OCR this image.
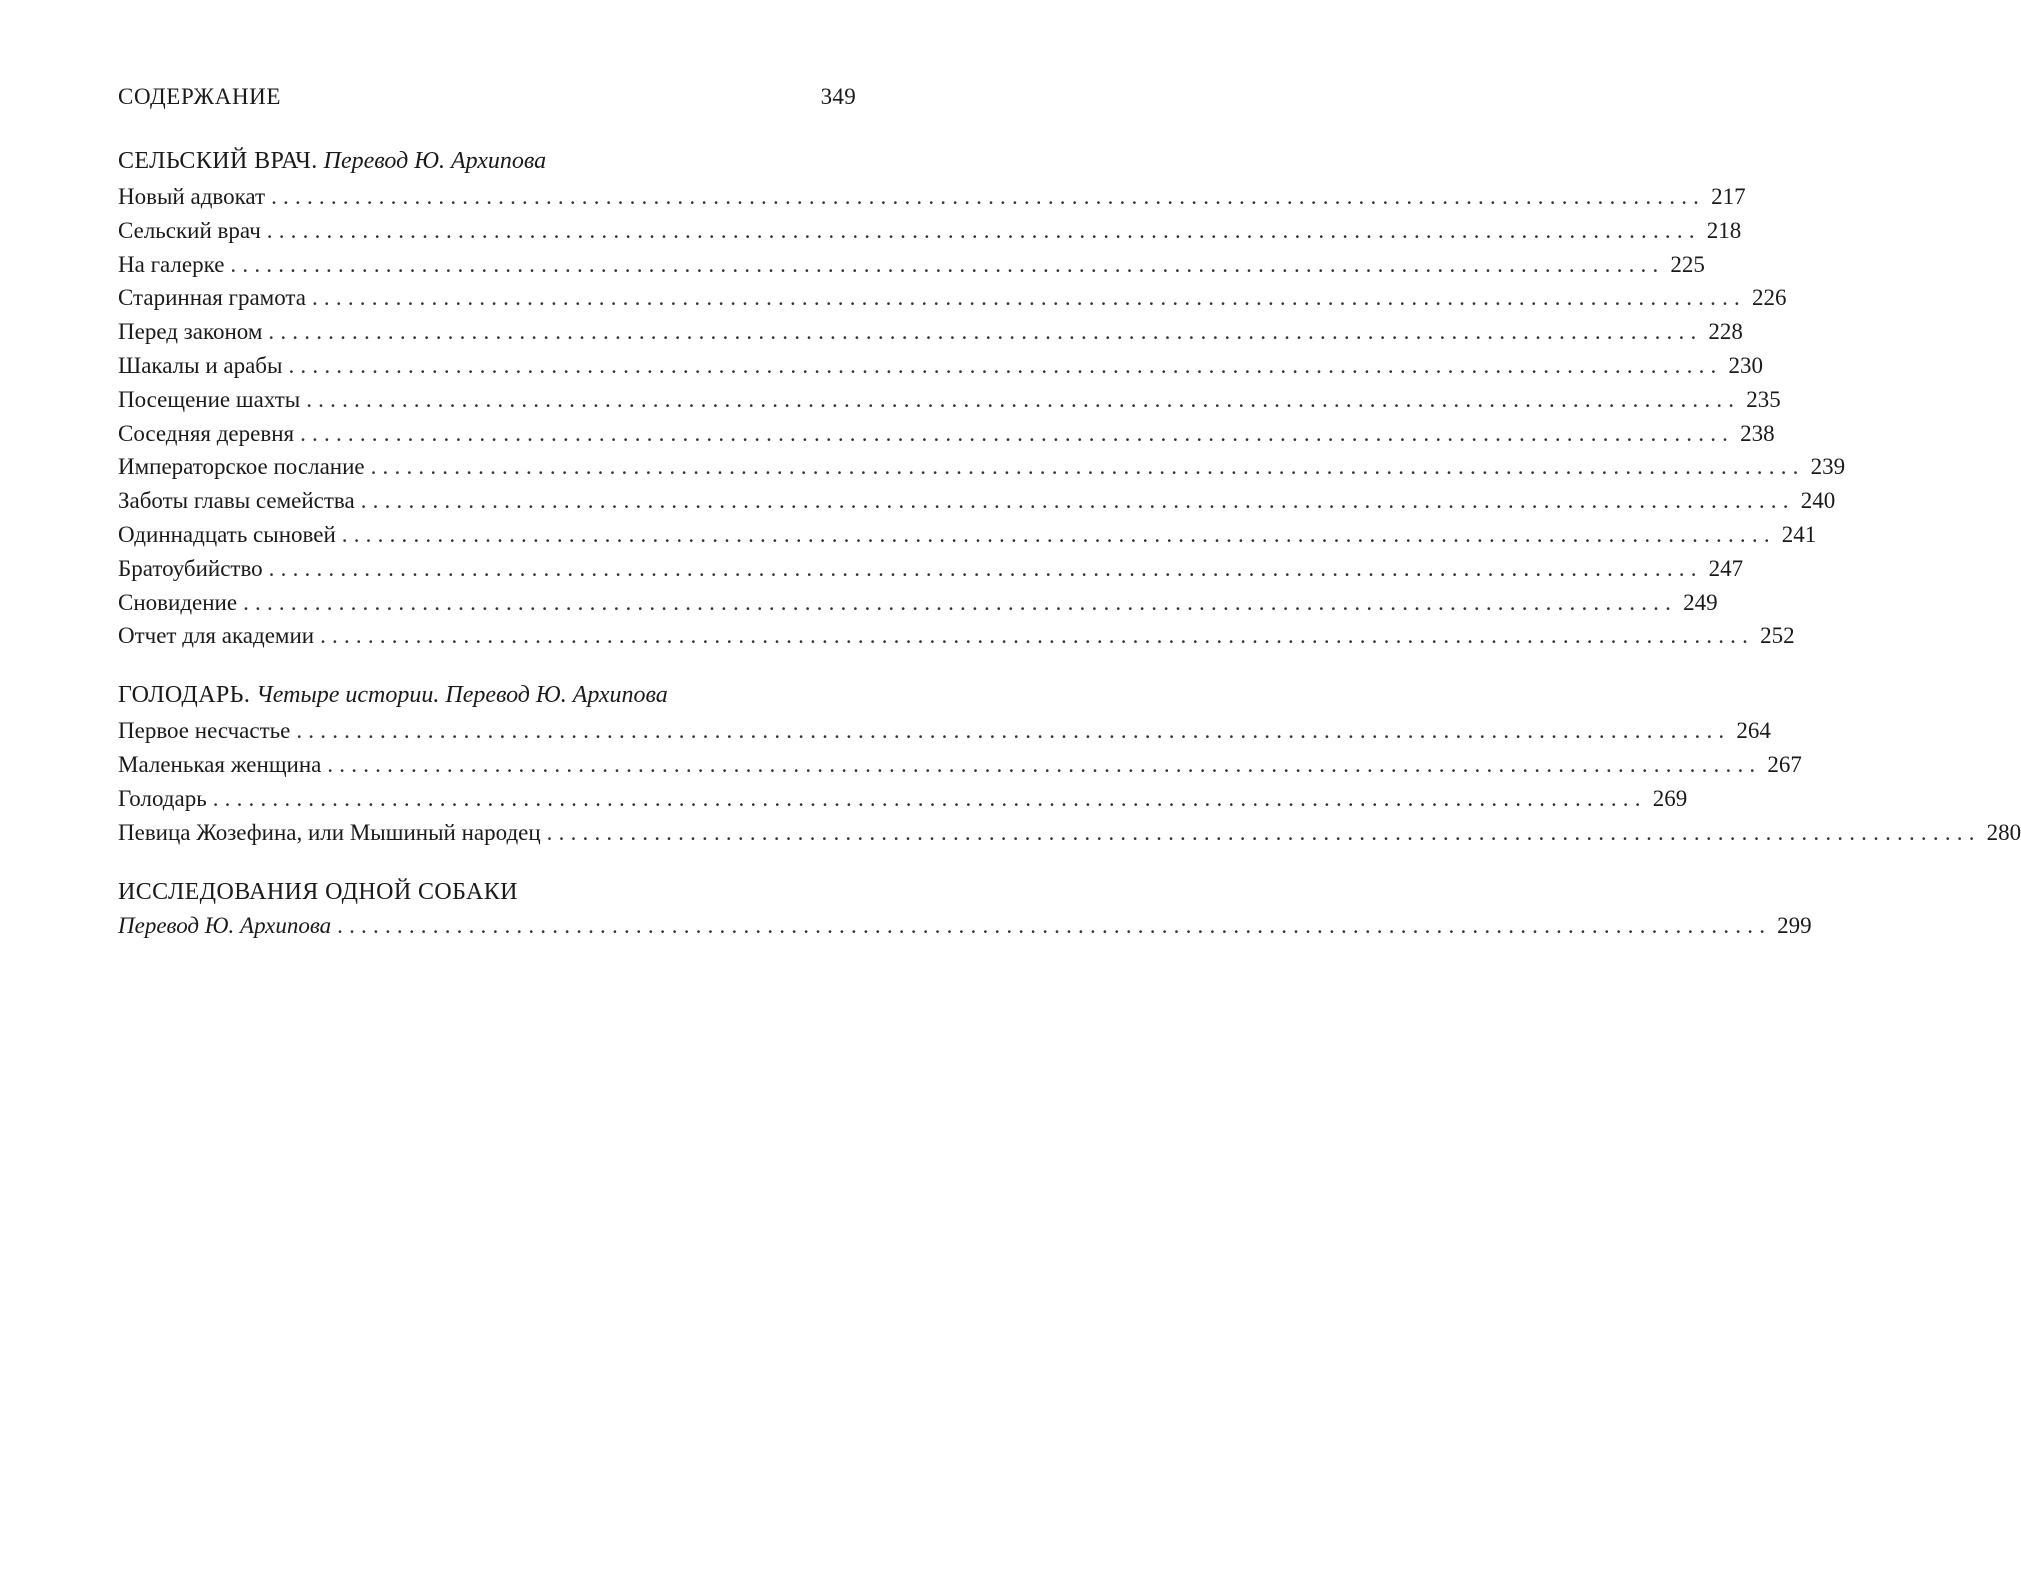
СОДЕРЖАНИЕ	349
СЕЛЬСКИЙ ВРАЧ. Перевод Ю. Архипова
Новый адвокат ........................................................................................................................ 217
Сельский врач ........................................................................................................................ 218
На галерке ........................................................................................................................ 225
Старинная грамота ........................................................................................................................ 226
Перед законом ........................................................................................................................ 228
Шакалы и арабы ........................................................................................................................ 230
Посещение шахты ........................................................................................................................ 235
Соседняя деревня ........................................................................................................................ 238
Императорское послание ........................................................................................................................ 239
Заботы главы семейства ........................................................................................................................ 240
Одиннадцать сыновей ........................................................................................................................ 241
Братоубийство ........................................................................................................................ 247
Сновидение ........................................................................................................................ 249
Отчет для академии ........................................................................................................................ 252
ГОЛОДАРЬ. Четыре истории. Перевод Ю. Архипова
Первое несчастье ........................................................................................................................ 264
Маленькая женщина ........................................................................................................................ 267
Голодарь ........................................................................................................................ 269
Певица Жозефина, или Мышиный народец ........................................................................................................................ 280
ИССЛЕДОВАНИЯ ОДНОЙ СОБАКИ
Перевод Ю. Архипова ........................................................................................................................ 299
